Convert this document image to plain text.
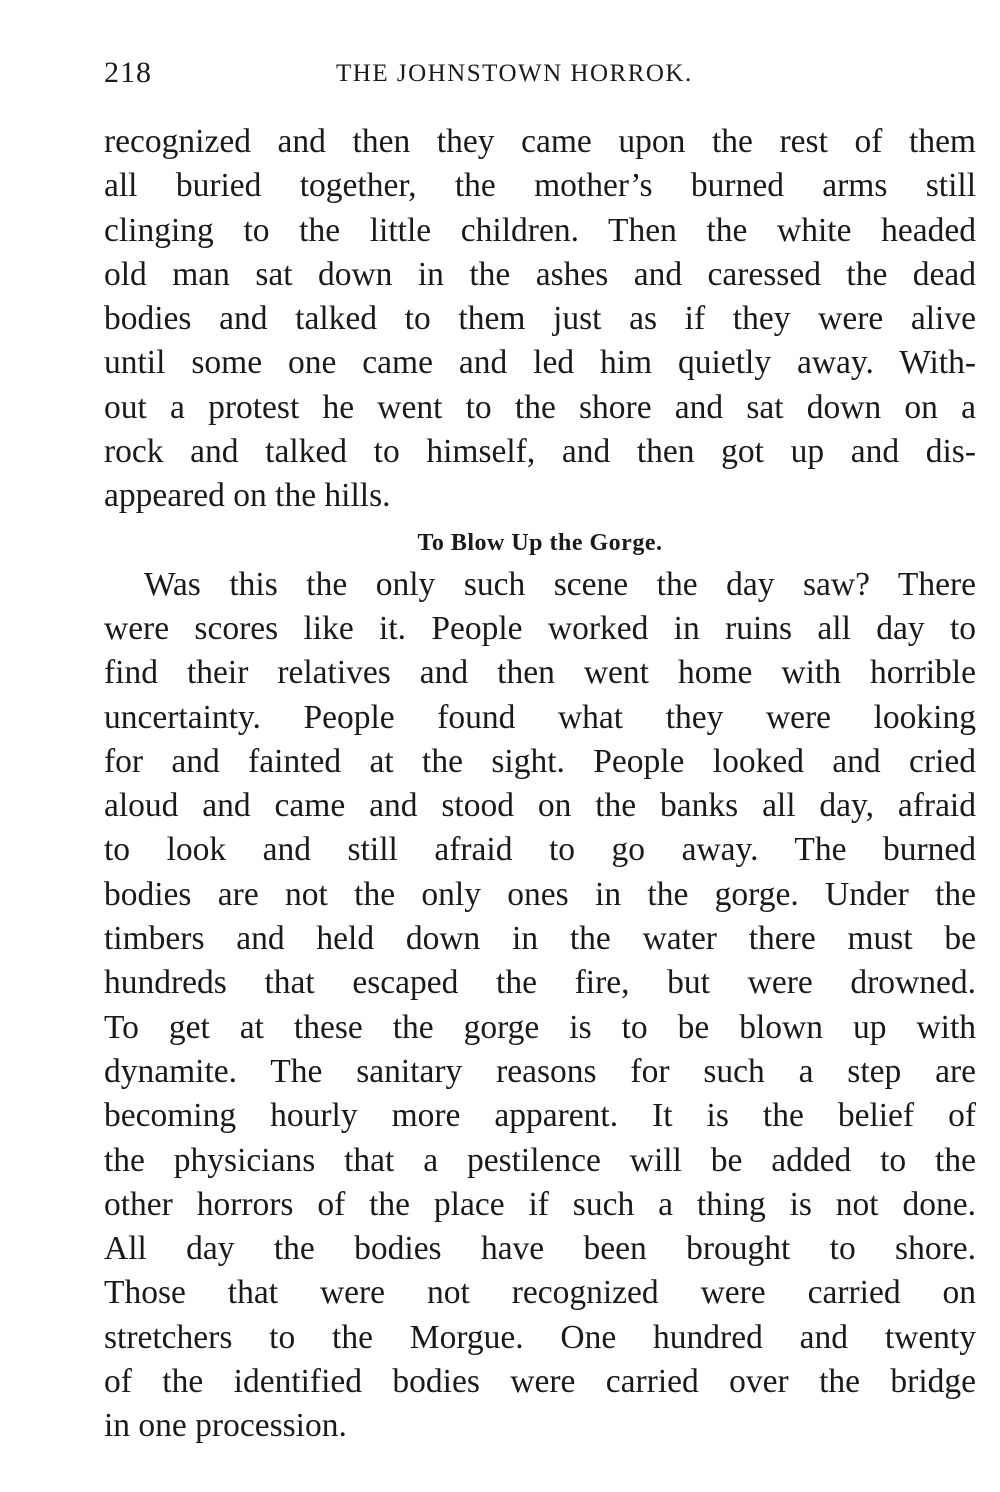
218	THE JOHNSTOWN HORROK.
recognized and then they came upon the rest of them
all buried together, the mother’s burned arms still
clinging to the little children. Then the white headed
old man sat down in the ashes and caressed the dead
bodies and talked to them just as if they were alive
until some one came and led him quietly away. With-
out a protest he went to the shore and sat down on a
rock and talked to himself, and then got up and dis-
appeared on the hills.
To Blow Up the Gorge.
Was this the only such scene the day saw? There
were scores like it. People worked in ruins all day to
find their relatives and then went home with horrible
uncertainty. People found what they were looking
for and fainted at the sight. People looked and cried
aloud and came and stood on the banks all day, afraid
to look and still afraid to go away. The burned
bodies are not the only ones in the gorge. Under the
timbers and held down in the water there must be
hundreds that escaped the fire, but were drowned.
To get at these the gorge is to be blown up with
dynamite. The sanitary reasons for such a step are
becoming hourly more apparent. It is the belief of
the physicians that a pestilence will be added to the
other horrors of the place if such a thing is not done.
All day the bodies have been brought to shore.
Those that were not recognized were carried on
stretchers to the Morgue. One hundred and twenty
of the identified bodies were carried over the bridge
in one procession.
